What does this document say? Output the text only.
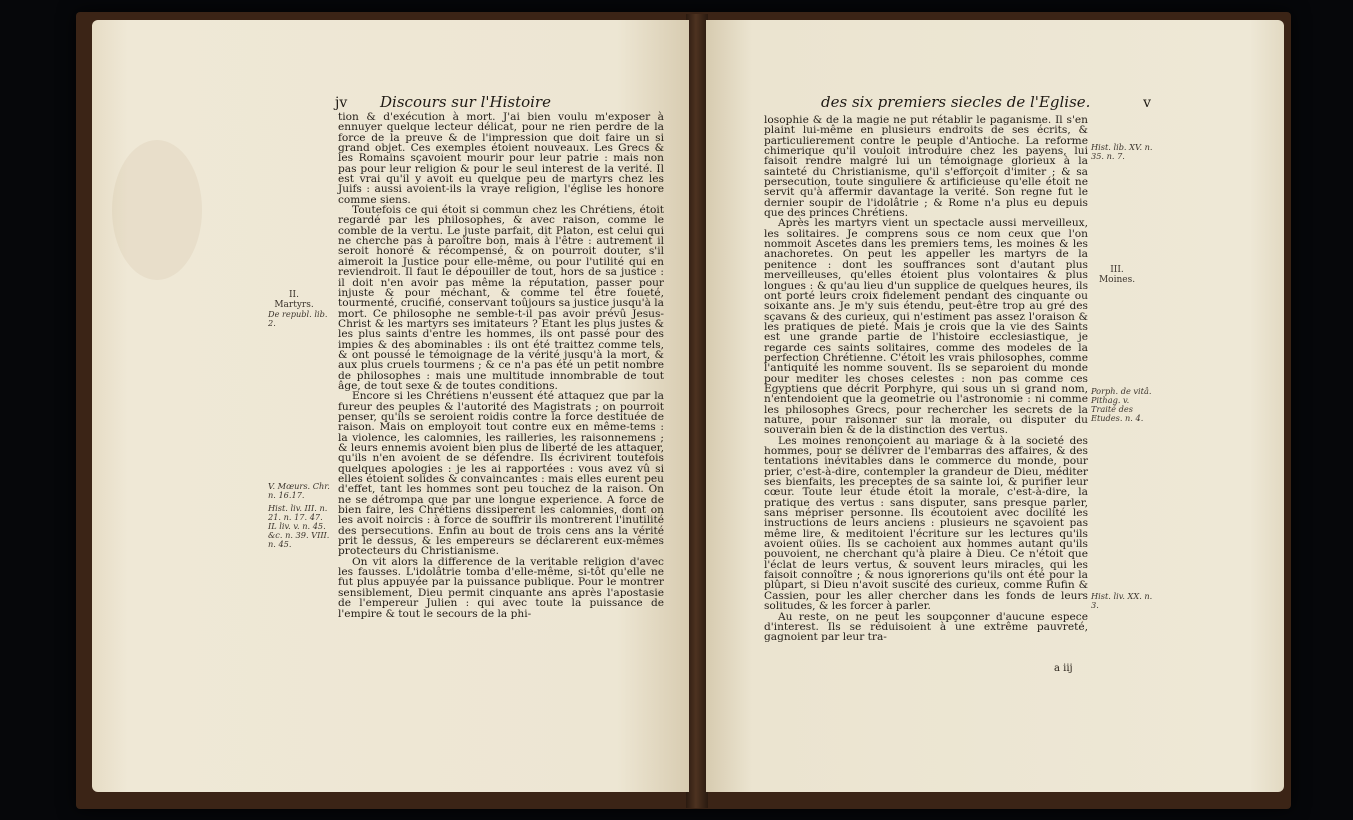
jv Discours sur l'Histoire
II.
Martyrs.
De republ. lib. 2.
V. Mœurs. Chr. n. 16.17.
Hist. liv. III. n. 21. n. 17. 47. IL liv. v. n. 45. &c. n. 39. VIII. n. 45.

tion & d'exécution à mort. J'ai bien voulu m'exposer à ennuyer quelque lecteur délicat, pour ne rien perdre de la force de la preuve & de l'impression que doit faire un si grand objet. Ces exemples étoient nouveaux. Les Grecs & les Romains sçavoient mourir pour leur patrie : mais non pas pour leur religion & pour le seul interest de la verité. Il est vrai qu'il y avoit eu quelque peu de martyrs chez les Juifs : aussi avoient-ils la vraye religion, l'église les honore comme siens.

Toutefois ce qui étoit si commun chez les Chrétiens, étoit regardé par les philosophes, & avec raison, comme le comble de la vertu. Le juste parfait, dit Platon, est celui qui ne cherche pas à paroître bon, mais à l'être : autrement il seroit honoré & récompensé, & on pourroit douter, s'il aimeroit la Justice pour elle-même, ou pour l'utilité qui en reviendroit. Il faut le dépouiller de tout, hors de sa justice : il doit n'en avoir pas même la réputation, passer pour injuste & pour méchant, & comme tel être foueté, tourmenté, crucifié, conservant toûjours sa justice jusqu'à la mort. Ce philosophe ne semble-t-il pas avoir prévû Jesus-Christ & les martyrs ses imitateurs ? Etant les plus justes & les plus saints d'entre les hommes, ils ont passé pour des impies & des abominables : ils ont été traittez comme tels, & ont poussé le témoignage de la vérité jusqu'à la mort, & aux plus cruels tourmens ; & ce n'a pas été un petit nombre de philosophes : mais une multitude innombrable de tout âge, de tout sexe & de toutes conditions.

Encore si les Chrétiens n'eussent été attaquez que par la fureur des peuples & l'autorité des Magistrats ; on pourroit penser, qu'ils se seroient roidis contre la force destituée de raison. Mais on employoit tout contre eux en même-tems : la violence, les calomnies, les railleries, les raisonnemens ; & leurs ennemis avoient bien plus de liberté de les attaquer, qu'ils n'en avoient de se défendre. Ils écrivirent toutefois quelques apologies : je les ai rapportées : vous avez vû si elles étoient solides & convaincantes : mais elles eurent peu d'effet, tant les hommes sont peu touchez de la raison. On ne se détrompa que par une longue experience. A force de bien faire, les Chrétiens dissiperent les calomnies, dont on les avoit noircis : à force de souffrir ils montrerent l'inutilité des persecutions. Enfin au bout de trois cens ans la vérité prit le dessus, & les empereurs se déclarerent eux-mêmes protecteurs du Christianisme.

On vit alors la difference de la veritable religion d'avec les fausses. L'idolâtrie tomba d'elle-même, si-tôt qu'elle ne fut plus appuyée par la puissance publique. Pour le montrer sensiblement, Dieu permit cinquante ans après l'apostasie de l'empereur Julien : qui avec toute la puissance de l'empire & tout le secours de la phi-

des six premiers siecles de l'Eglise.	v

losophie & de la magie ne put rétablir le paganisme. Il s'en plaint lui-même en plusieurs endroits de ses écrits, & particulierement contre le peuple d'Antioche. La reforme chimerique qu'il vouloit introduire chez les payens, lui faisoit rendre malgré lui un témoignage glorieux à la sainteté du Christianisme, qu'il s'efforçoit d'imiter ; & sa persecution, toute singuliere & artificieuse qu'elle étoit ne servit qu'à affermir davantage la verité. Son regne fut le dernier soupir de l'idolâtrie ; & Rome n'a plus eu depuis que des princes Chrétiens.

Après les martyrs vient un spectacle aussi merveilleux, les solitaires. Je comprens sous ce nom ceux que l'on nommoit Ascetes dans les premiers tems, les moines & les anachoretes. On peut les appeller les martyrs de la penitence : dont les souffrances sont d'autant plus merveilleuses, qu'elles étoient plus volontaires & plus longues : & qu'au lieu d'un supplice de quelques heures, ils ont porté leurs croix fidelement pendant des cinquante ou soixante ans. Je m'y suis étendu, peut-être trop au gré des sçavans & des curieux, qui n'estiment pas assez l'oraison & les pratiques de pieté. Mais je crois que la vie des Saints est une grande partie de l'histoire ecclesiastique, je regarde ces saints solitaires, comme des modeles de la perfection Chrétienne. C'étoit les vrais philosophes, comme l'antiquité les nomme souvent. Ils se separoient du monde pour mediter les choses celestes : non pas comme ces Egyptiens que décrit Porphyre, qui sous un si grand nom, n'entendoient que la geometrie ou l'astronomie : ni comme les philosophes Grecs, pour rechercher les secrets de la nature, pour raisonner sur la morale, ou disputer du souverain bien & de la distinction des vertus.

Les moines renonçoient au mariage & à la societé des hommes, pour se délivrer de l'embarras des affaires, & des tentations inévitables dans le commerce du monde, pour prier, c'est-à-dire, contempler la grandeur de Dieu, méditer ses bienfaits, les preceptes de sa sainte loi, & purifier leur cœur. Toute leur étude étoit la morale, c'est-à-dire, la pratique des vertus : sans disputer, sans presque parler, sans mépriser personne. Ils écoutoient avec docilité les instructions de leurs anciens : plusieurs ne sçavoient pas même lire, & meditoient l'écriture sur les lectures qu'ils avoient oüies. Ils se cachoient aux hommes autant qu'ils pouvoient, ne cherchant qu'à plaire à Dieu. Ce n'étoit que l'éclat de leurs vertus, & souvent leurs miracles, qui les faisoit connoître ; & nous ignorerions qu'ils ont été pour la plûpart, si Dieu n'avoit suscité des curieux, comme Rufin & Cassien, pour les aller chercher dans les fonds de leurs solitudes, & les forcer à parler.

Au reste, on ne peut les soupçonner d'aucune espece d'interest. Ils se réduisoient à une extrême pauvreté, gagnoient par leur tra-

a iij
Hist. lib. XV. n. 35. n. 7.
III.
Moines.
Porph. de vitâ. Pithag. v. Traité des Etudes. n. 4.
Hist. liv. XX. n. 3.
